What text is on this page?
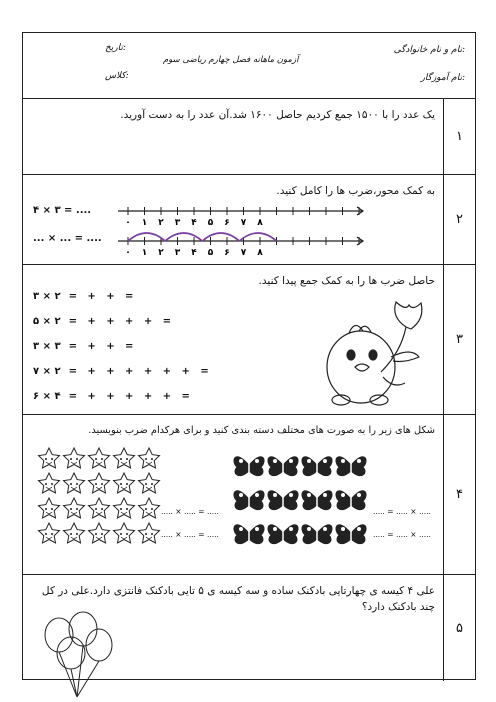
نام و نام خانوادگی:
تاریخ:
آزمون ماهانه فصل چهارم ریاضی سوم
نام آموزگار:
کلاس:
یک عدد را با ۱۵۰۰ جمع کردیم حاصل ۱۶۰۰ شد.آن عدد را به دست آورید.
۱
به کمک محور،ضرب ها را کامل کنید.
۴ × ۳ = ....
... × ... = ....
۰ ۱ ۲ ۳ ۴ ۵ ۶ ۷ ۸
۰ ۱ ۲ ۳ ۴ ۵ ۶ ۷ ۸
۲
حاصل ضرب ها را به کمک جمع پیدا کنید.
۳ × ۲ =   +   +   =
۵ × ۲ =   +   +   +   +   =
۳ × ۳ =   +   +   =
۷ × ۲ =   +   +   +   +   +   +   =
۶ × ۴ =   +   +   +   +   +   =
۳
شکل های زیر را به صورت های مختلف دسته بندی کنید و برای هرکدام ضرب بنویسید.
..... × ..... = .....
..... × ..... = .....
..... = ..... × .....
..... = ..... × .....
۴
علی ۴ کیسه ی چهارتایی بادکنک ساده و سه کیسه ی ۵ تایی بادکنک فانتزی دارد.علی در کل چند بادکنک دارد؟
۵
